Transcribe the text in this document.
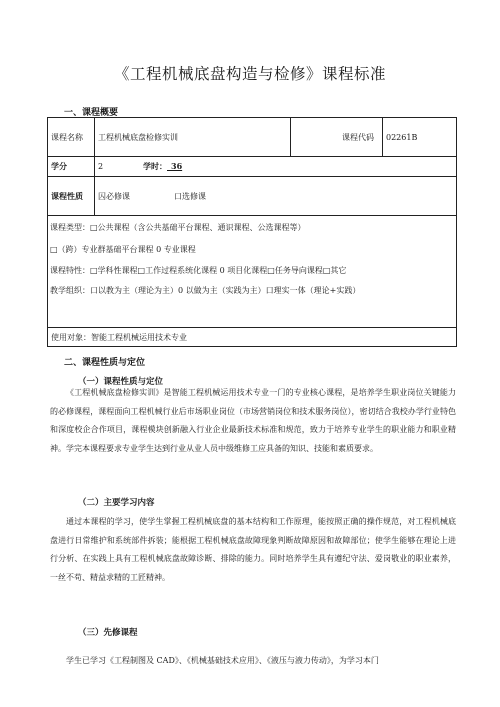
《工程机械底盘构造与检修》课程标准
一、课程概要
课程名称	工程机械底盘检修实训	课程代码	02261B
学分	2 学时：_36		
课程性质	囚必修课 口选修课		

课程类型：□公共课程（含公共基础平台课程、通识课程、公选课程等）
□（跨）专业群基础平台课程 0 专业课程
课程特性：□学科性课程□工作过程系统化课程 0 项目化课程□任务导向课程□其它
教学组织：口以教为主（理论为主）0 以做为主（实践为主）口理实一体（理论+实践）			

使用对象：智能工程机械运用技术专业			
二、课程性质与定位
（一）课程性质与定位

《工程机械底盘检修实训》是智能工程机械运用技术专业一门的专业核心课程，是培养学生职业岗位关键能力的必修课程，课程面向工程机械行业后市场职业岗位（市场营销岗位和技术服务岗位），密切结合我校办学行业特色和深度校企合作项目，课程模块创新融入行业企业最新技术标准和规范，致力于培养专业学生的职业能力和职业精神。学完本课程要求专业学生达到行业从业人员中级维修工应具备的知识、技能和素质要求。

（二）主要学习内容

通过本课程的学习，使学生掌握工程机械底盘的基本结构和工作原理，能按照正确的操作规范，对工程机械底盘进行日常维护和系统部件拆装；能根据工程机械底盘故障现象判断故障原因和故障部位；使学生能够在理论上进行分析、在实践上具有工程机械底盘故障诊断、排除的能力。同时培养学生具有遵纪守法、爱岗敬业的职业素养，一丝不苟、精益求精的工匠精神。

（三）先修课程

学生已学习《工程制图及 CAD》、《机械基础技术应用》、《液压与液力传动》，为学习本门
